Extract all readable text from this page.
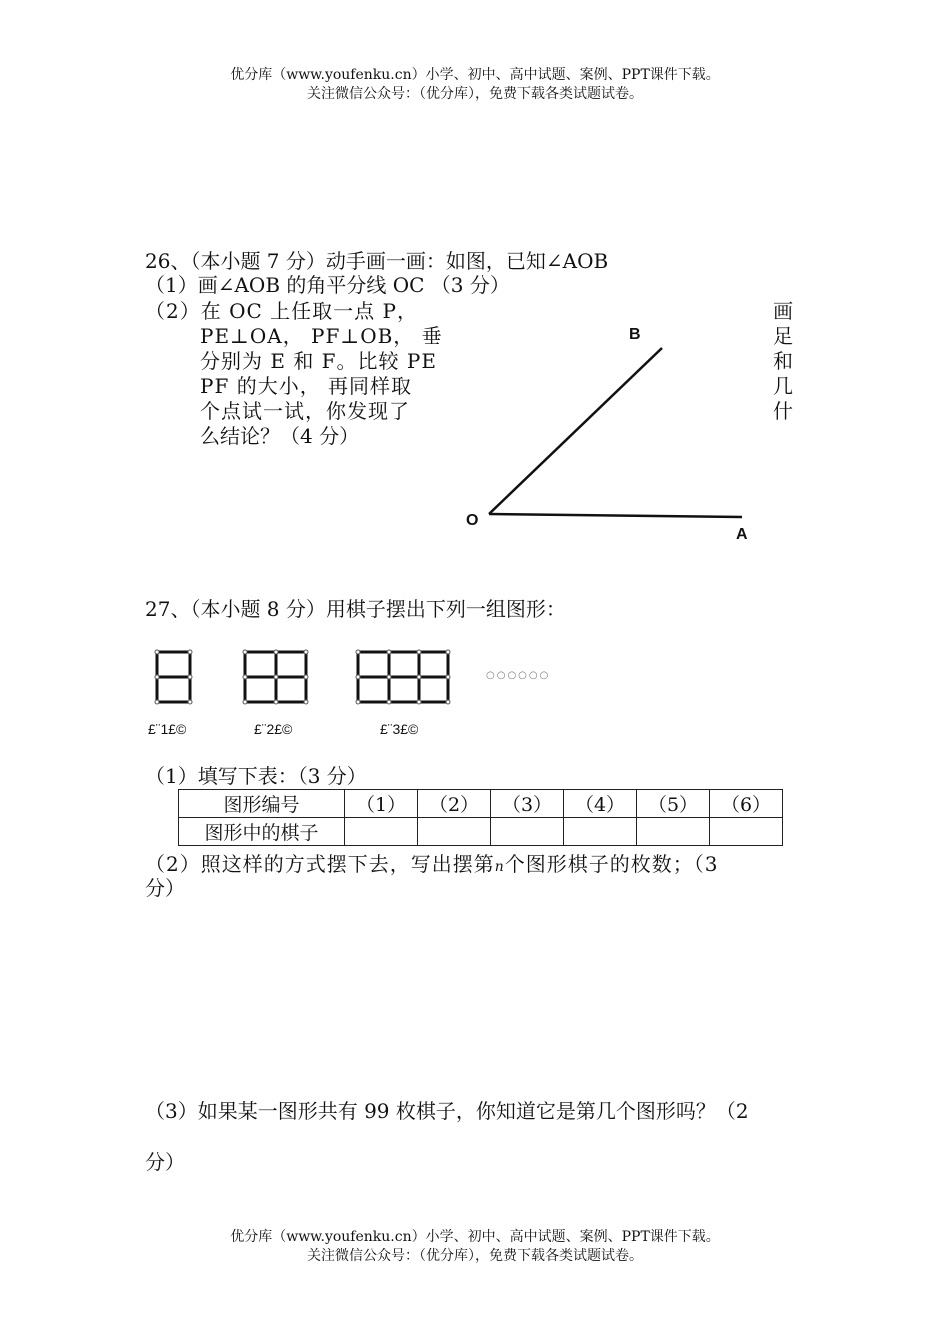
优分库（www.youfenku.cn）小学、初中、高中试题、案例、PPT课件下载。
关注微信公众号：（优分库），免费下载各类试题试卷。
26、（本小题 7 分）动手画一画：如图，已知∠AOB
（1）画∠AOB 的角平分线 OC （3 分）
（2）在 OC 上任取一点 P，
PE⊥OA， PF⊥OB， 垂
分别为 E 和 F。比较 PE
PF 的大小， 再同样取
个点试一试，你发现了
么结论？（4 分）
画
足
和
几
什
B
O
A
27、（本小题 8 分）用棋子摆出下列一组图形：
○○○○○○
£¨1£©	£¨2£©	£¨3£©
（1）填写下表：（3 分）
图形编号	（1）	（2）	（3）	（4）	（5）	（6）
图形中的棋子						
（2）照这样的方式摆下去，写出摆第n个图形棋子的枚数；（3
分）
（3）如果某一图形共有 99 枚棋子，你知道它是第几个图形吗？（2
分）
优分库（www.youfenku.cn）小学、初中、高中试题、案例、PPT课件下载。
关注微信公众号：（优分库），免费下载各类试题试卷。
